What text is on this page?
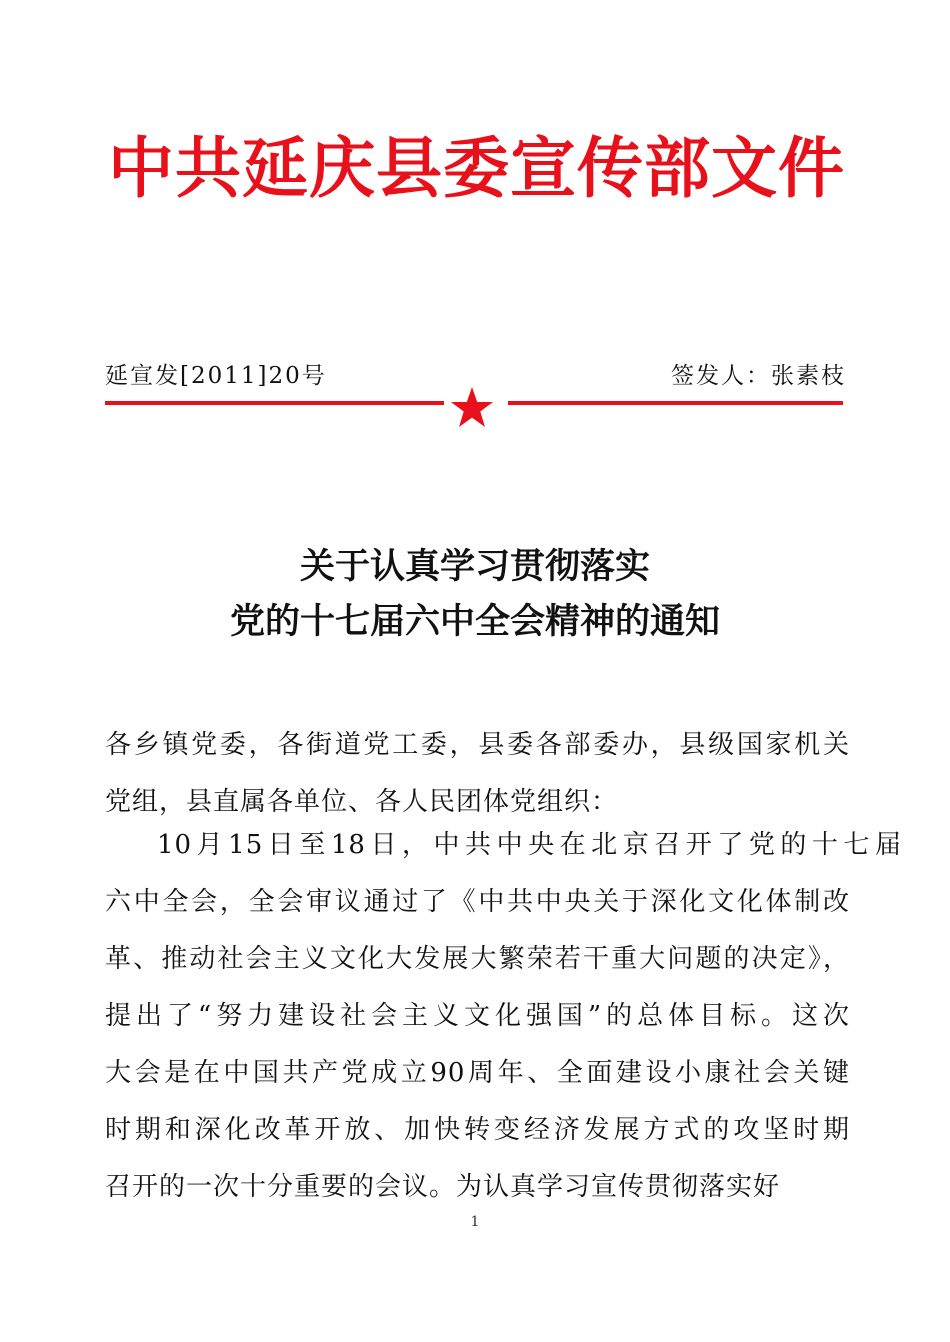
中共延庆县委宣传部文件
延宣发[2011]20号	签发人：张素枝
关于认真学习贯彻落实
党的十七届六中全会精神的通知

各乡镇党委，各街道党工委，县委各部委办，县级国家机关

党组，县直属各单位、各人民团体党组织：

10月15日至18日，中共中央在北京召开了党的十七届

六中全会，全会审议通过了《中共中央关于深化文化体制改

革、推动社会主义文化大发展大繁荣若干重大问题的决定》，

提出了“努力建设社会主义文化强国”的总体目标。这次

大会是在中国共产党成立90周年、全面建设小康社会关键

时期和深化改革开放、加快转变经济发展方式的攻坚时期

召开的一次十分重要的会议。为认真学习宣传贯彻落实好

1
